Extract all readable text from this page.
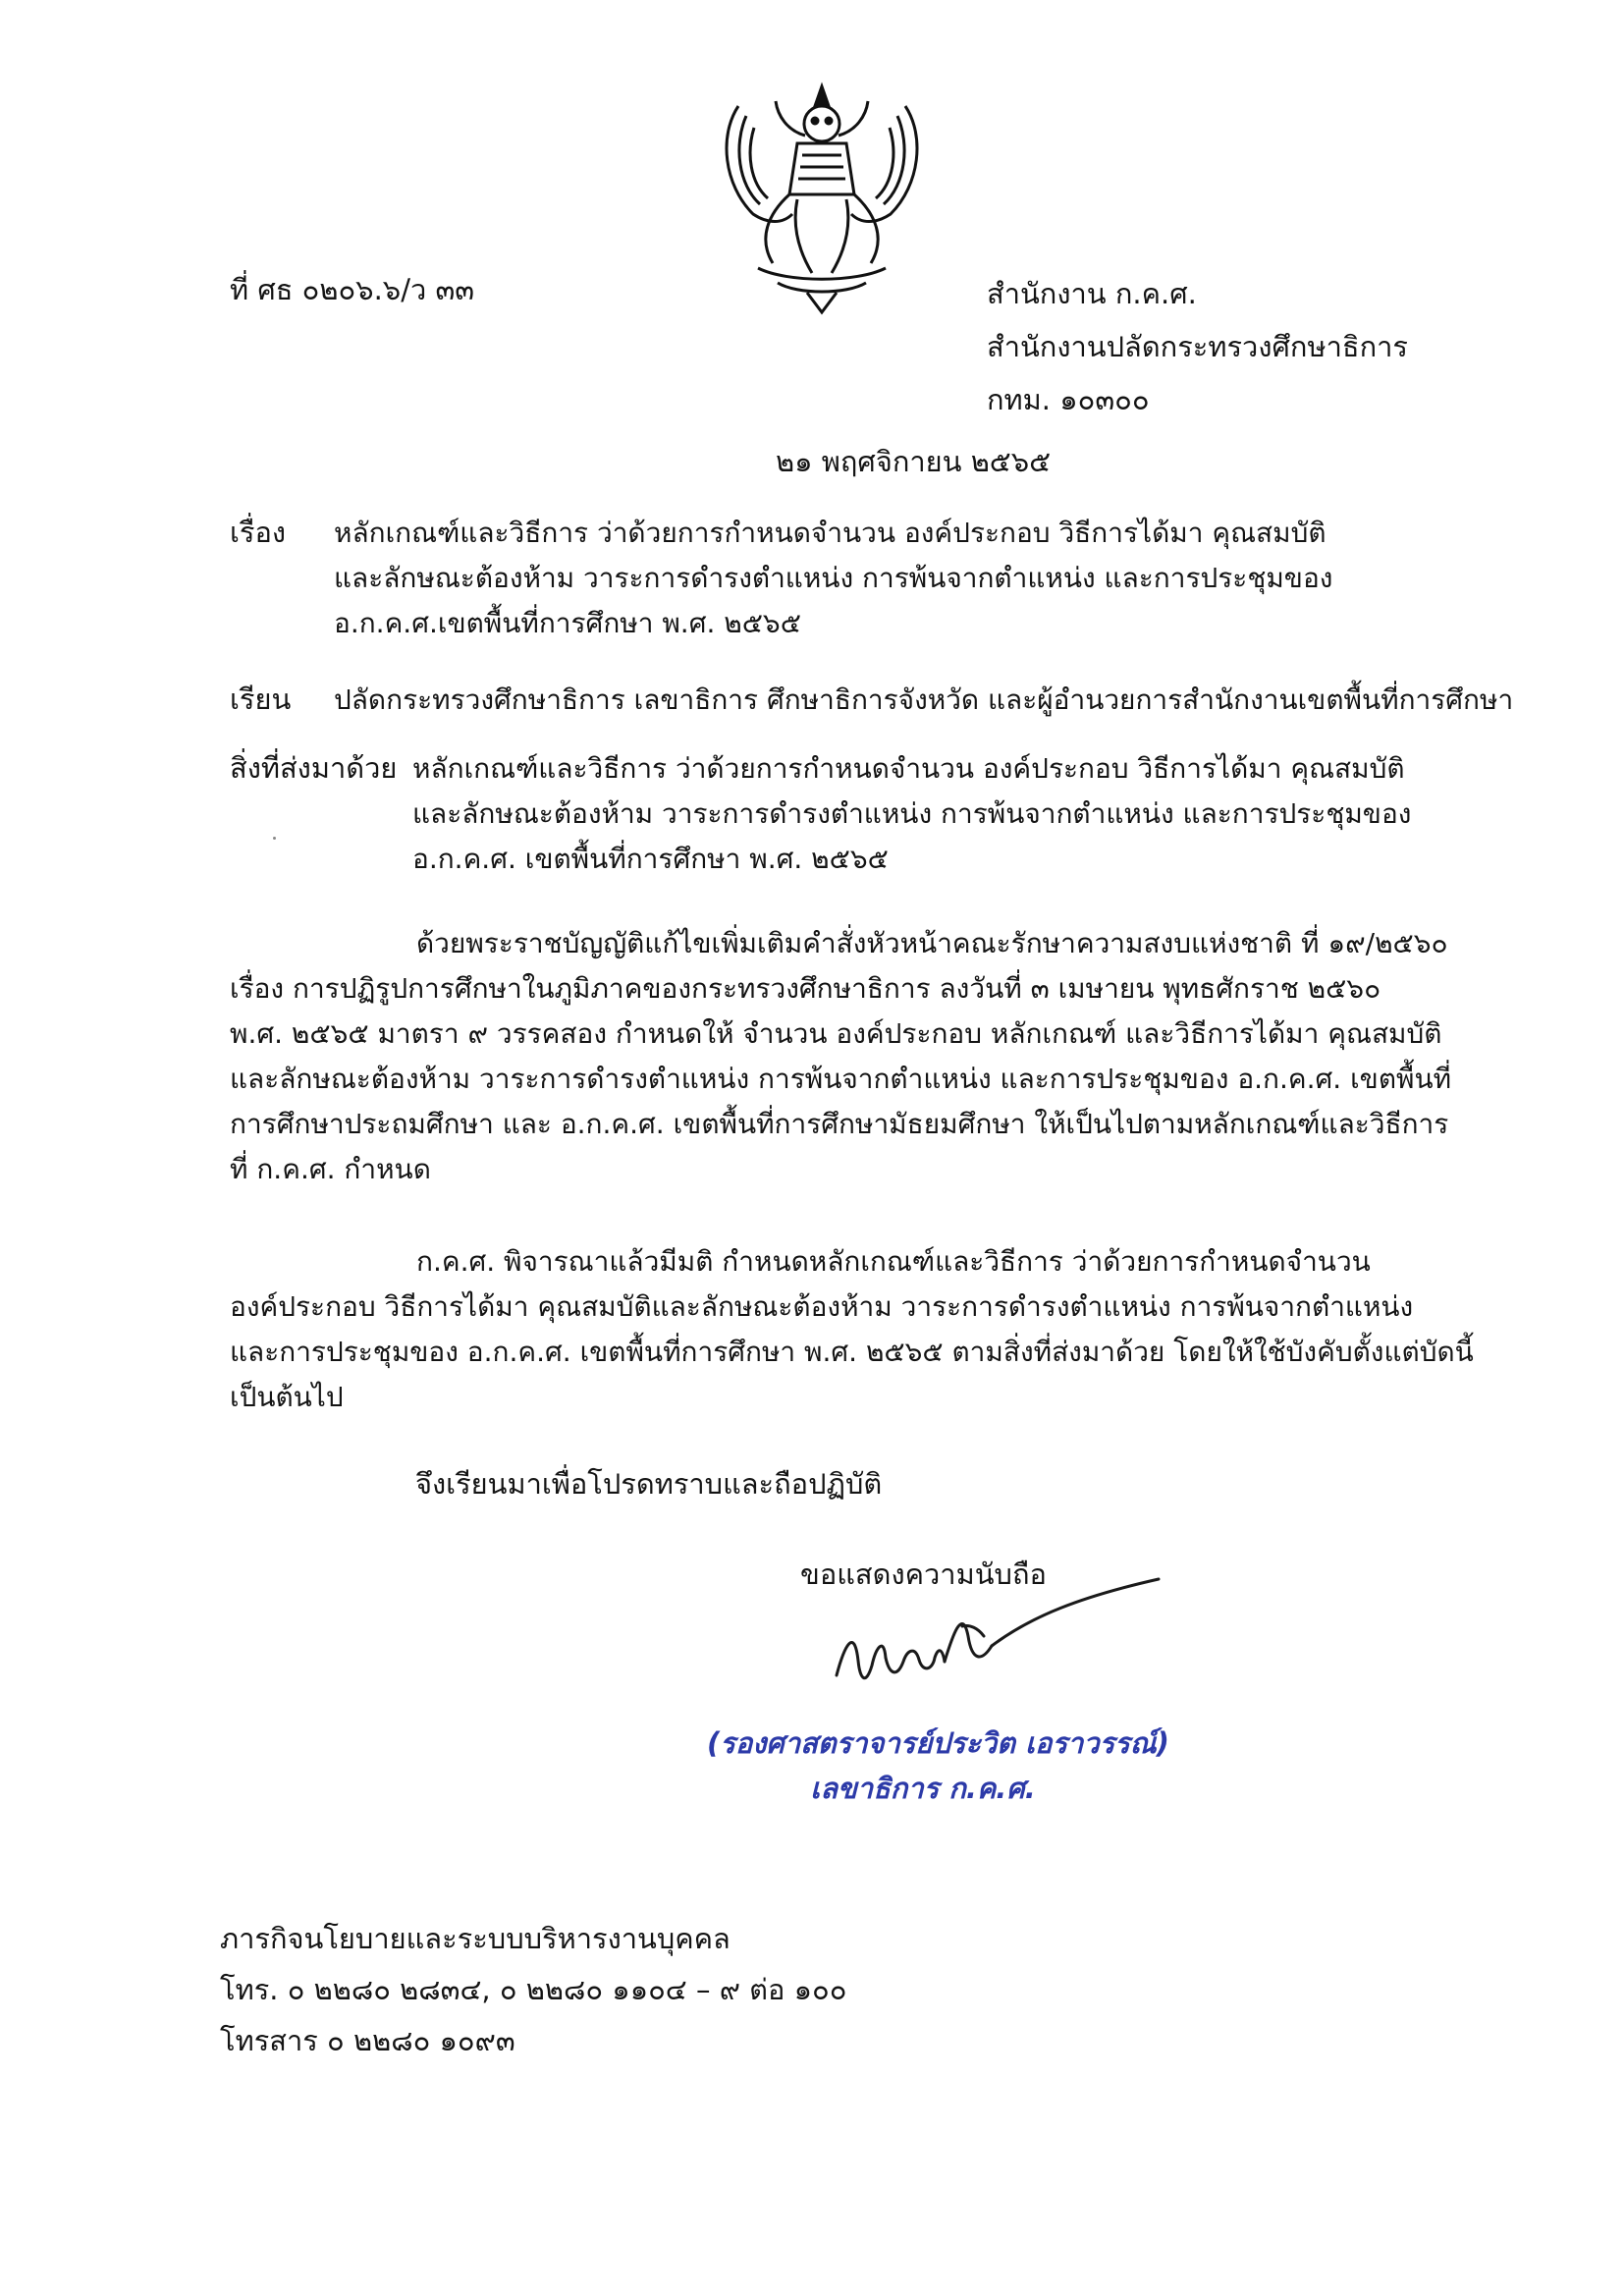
ที่ ศธ ๐๒๐๖.๖/ว ๓๓	สำนักงาน ก.ค.ศ.
สำนักงานปลัดกระทรวงศึกษาธิการ
กทม. ๑๐๓๐๐
๒๑ พฤศจิกายน ๒๕๖๕
เรื่อง หลักเกณฑ์และวิธีการ ว่าด้วยการกำหนดจำนวน องค์ประกอบ วิธีการได้มา คุณสมบัติ
และลักษณะต้องห้าม วาระการดำรงตำแหน่ง การพ้นจากตำแหน่ง และการประชุมของ
อ.ก.ค.ศ.เขตพื้นที่การศึกษา พ.ศ. ๒๕๖๕
เรียน ปลัดกระทรวงศึกษาธิการ เลขาธิการ ศึกษาธิการจังหวัด และผู้อำนวยการสำนักงานเขตพื้นที่การศึกษา
สิ่งที่ส่งมาด้วย หลักเกณฑ์และวิธีการ ว่าด้วยการกำหนดจำนวน องค์ประกอบ วิธีการได้มา คุณสมบัติ
และลักษณะต้องห้าม วาระการดำรงตำแหน่ง การพ้นจากตำแหน่ง และการประชุมของ
อ.ก.ค.ศ. เขตพื้นที่การศึกษา พ.ศ. ๒๕๖๕
ด้วยพระราชบัญญัติแก้ไขเพิ่มเติมคำสั่งหัวหน้าคณะรักษาความสงบแห่งชาติ ที่ ๑๙/๒๕๖๐
เรื่อง การปฏิรูปการศึกษาในภูมิภาคของกระทรวงศึกษาธิการ ลงวันที่ ๓ เมษายน พุทธศักราช ๒๕๖๐
พ.ศ. ๒๕๖๕ มาตรา ๙ วรรคสอง กำหนดให้ จำนวน องค์ประกอบ หลักเกณฑ์ และวิธีการได้มา คุณสมบัติ
และลักษณะต้องห้าม วาระการดำรงตำแหน่ง การพ้นจากตำแหน่ง และการประชุมของ อ.ก.ค.ศ. เขตพื้นที่
การศึกษาประถมศึกษา และ อ.ก.ค.ศ. เขตพื้นที่การศึกษามัธยมศึกษา ให้เป็นไปตามหลักเกณฑ์และวิธีการ
ที่ ก.ค.ศ. กำหนด
ก.ค.ศ. พิจารณาแล้วมีมติ กำหนดหลักเกณฑ์และวิธีการ ว่าด้วยการกำหนดจำนวน
องค์ประกอบ วิธีการได้มา คุณสมบัติและลักษณะต้องห้าม วาระการดำรงตำแหน่ง การพ้นจากตำแหน่ง
และการประชุมของ อ.ก.ค.ศ. เขตพื้นที่การศึกษา พ.ศ. ๒๕๖๕ ตามสิ่งที่ส่งมาด้วย โดยให้ใช้บังคับตั้งแต่บัดนี้
เป็นต้นไป
จึงเรียนมาเพื่อโปรดทราบและถือปฏิบัติ
ขอแสดงความนับถือ
(รองศาสตราจารย์ประวิต เอราวรรณ์)
เลขาธิการ ก.ค.ศ.
ภารกิจนโยบายและระบบบริหารงานบุคคล
โทร. ๐ ๒๒๘๐ ๒๘๓๔, ๐ ๒๒๘๐ ๑๑๐๔ – ๙ ต่อ ๑๐๐
โทรสาร ๐ ๒๒๘๐ ๑๐๙๓
